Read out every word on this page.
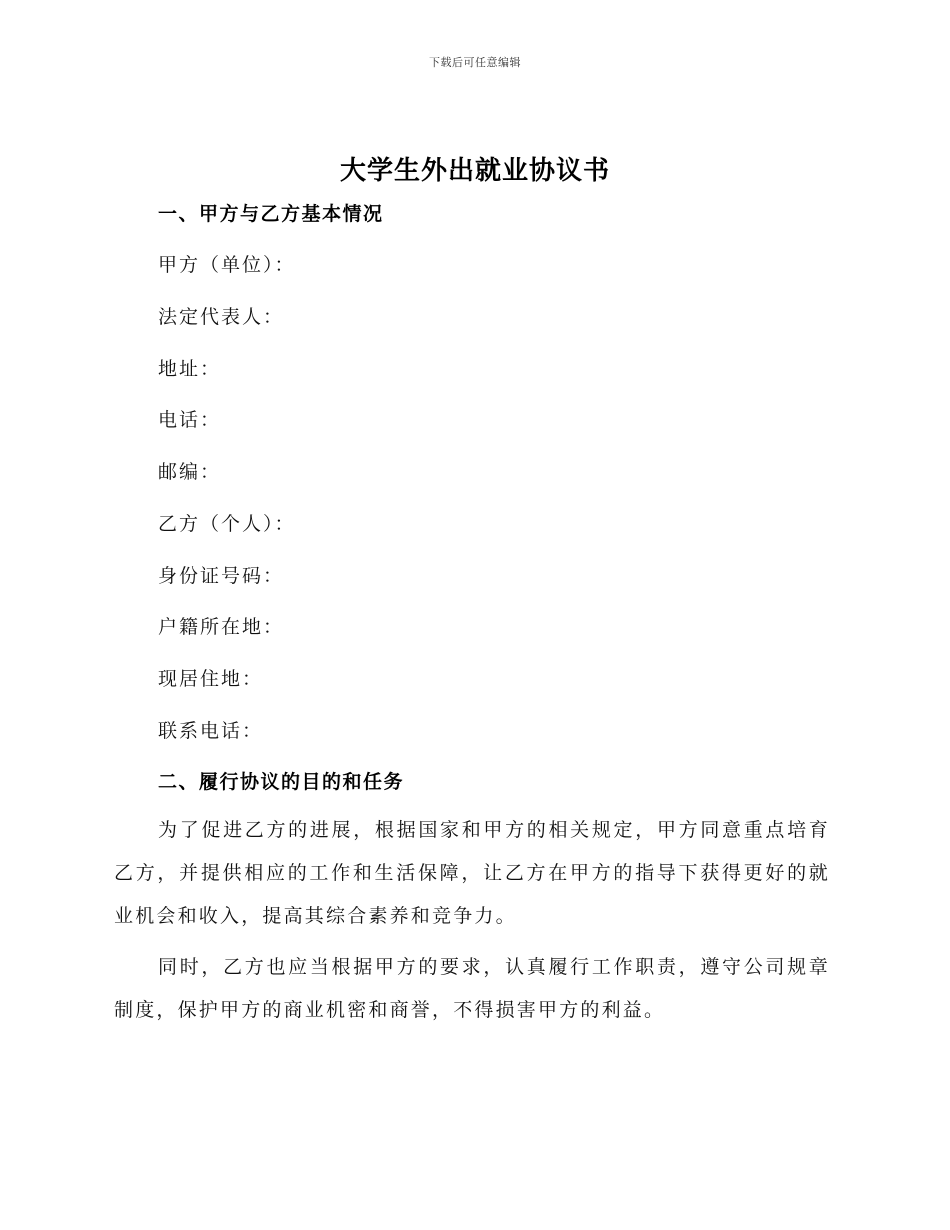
下载后可任意编辑
大学生外出就业协议书
一、甲方与乙方基本情况
甲方（单位）：
法定代表人：
地址：
电话：
邮编：
乙方（个人）：
身份证号码：
户籍所在地：
现居住地：
联系电话：
二、履行协议的目的和任务
为了促进乙方的进展，根据国家和甲方的相关规定，甲方同意重点培育乙方，并提供相应的工作和生活保障，让乙方在甲方的指导下获得更好的就业机会和收入，提高其综合素养和竞争力。
同时，乙方也应当根据甲方的要求，认真履行工作职责，遵守公司规章制度，保护甲方的商业机密和商誉，不得损害甲方的利益。
